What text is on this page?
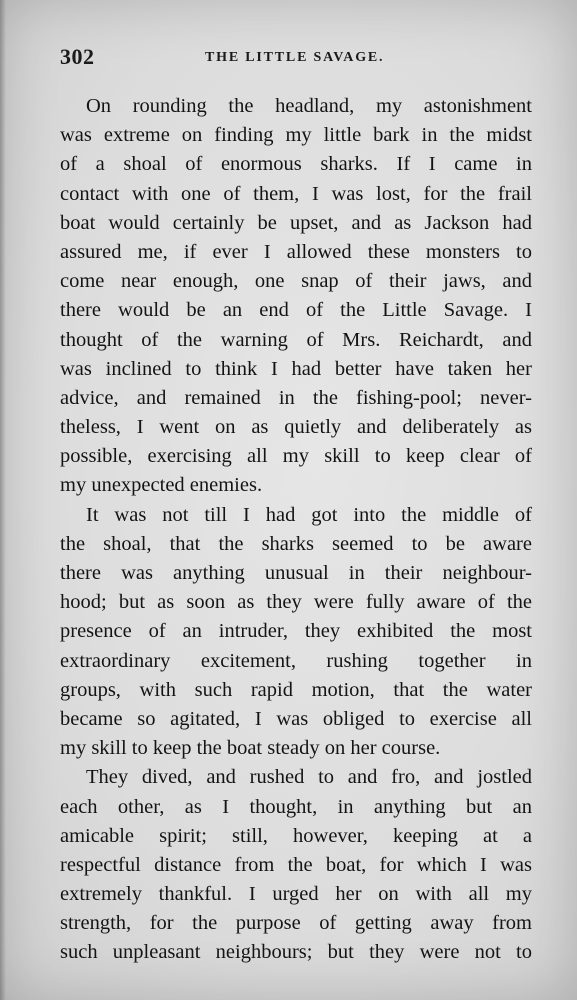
302	THE LITTLE SAVAGE.
On rounding the headland, my astonishment
was extreme on finding my little bark in the midst
of a shoal of enormous sharks. If I came in
contact with one of them, I was lost, for the frail
boat would certainly be upset, and as Jackson had
assured me, if ever I allowed these monsters to
come near enough, one snap of their jaws, and
there would be an end of the Little Savage. I
thought of the warning of Mrs. Reichardt, and
was inclined to think I had better have taken her
advice, and remained in the fishing-pool; never-
theless, I went on as quietly and deliberately as
possible, exercising all my skill to keep clear of
my unexpected enemies.
It was not till I had got into the middle of
the shoal, that the sharks seemed to be aware
there was anything unusual in their neighbour-
hood; but as soon as they were fully aware of the
presence of an intruder, they exhibited the most
extraordinary excitement, rushing together in
groups, with such rapid motion, that the water
became so agitated, I was obliged to exercise all
my skill to keep the boat steady on her course.
They dived, and rushed to and fro, and jostled
each other, as I thought, in anything but an
amicable spirit; still, however, keeping at a
respectful distance from the boat, for which I was
extremely thankful. I urged her on with all my
strength, for the purpose of getting away from
such unpleasant neighbours; but they were not to
